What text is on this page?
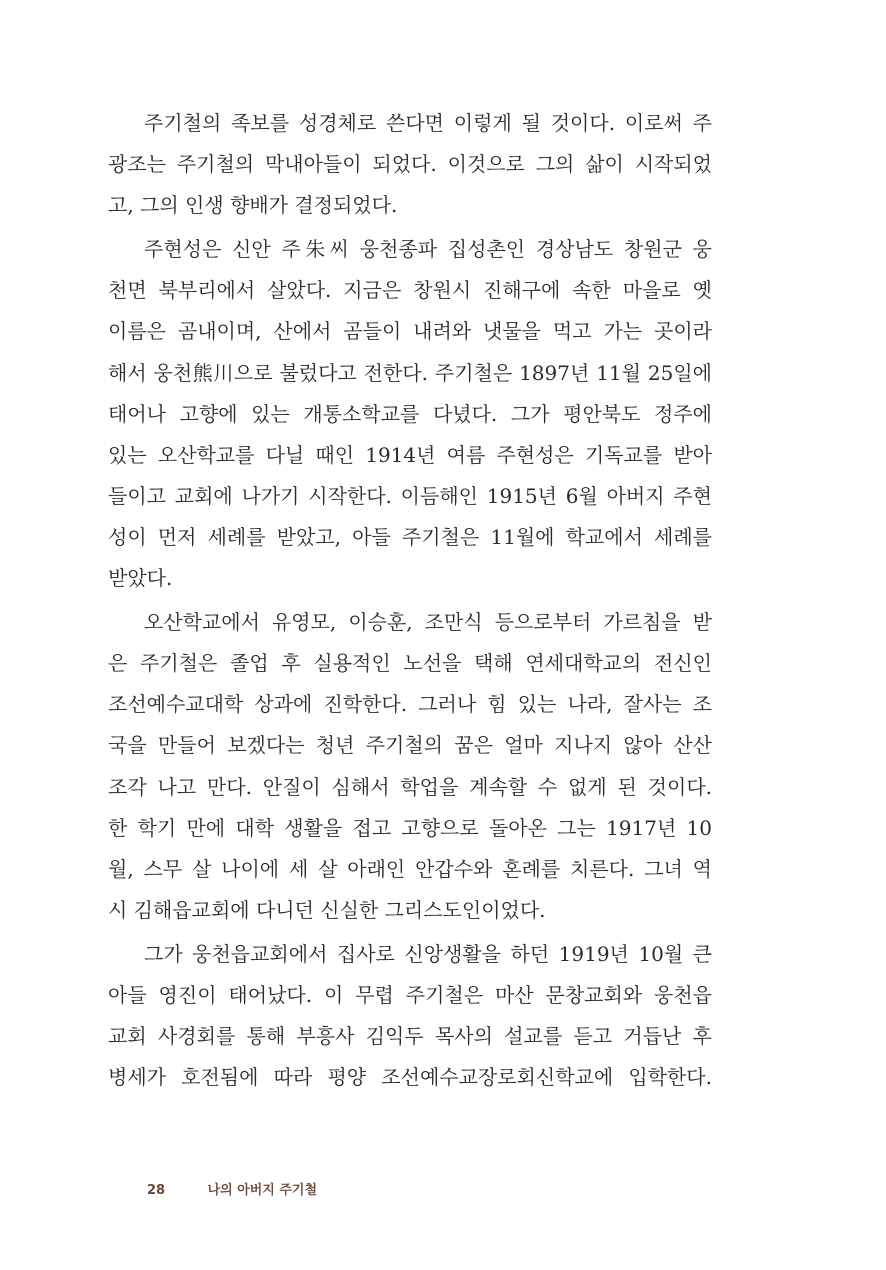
주기철의 족보를 성경체로 쓴다면 이렇게 될 것이다. 이로써 주
광조는 주기철의 막내아들이 되었다. 이것으로 그의 삶이 시작되었
고, 그의 인생 향배가 결정되었다.
주현성은 신안 주朱씨 웅천종파 집성촌인 경상남도 창원군 웅
천면 북부리에서 살았다. 지금은 창원시 진해구에 속한 마을로 옛
이름은 곰내이며, 산에서 곰들이 내려와 냇물을 먹고 가는 곳이라
해서 웅천熊川으로 불렀다고 전한다. 주기철은 1897년 11월 25일에
태어나 고향에 있는 개통소학교를 다녔다. 그가 평안북도 정주에
있는 오산학교를 다닐 때인 1914년 여름 주현성은 기독교를 받아
들이고 교회에 나가기 시작한다. 이듬해인 1915년 6월 아버지 주현
성이 먼저 세례를 받았고, 아들 주기철은 11월에 학교에서 세례를
받았다.
오산학교에서 유영모, 이승훈, 조만식 등으로부터 가르침을 받
은 주기철은 졸업 후 실용적인 노선을 택해 연세대학교의 전신인
조선예수교대학 상과에 진학한다. 그러나 힘 있는 나라, 잘사는 조
국을 만들어 보겠다는 청년 주기철의 꿈은 얼마 지나지 않아 산산
조각 나고 만다. 안질이 심해서 학업을 계속할 수 없게 된 것이다.
한 학기 만에 대학 생활을 접고 고향으로 돌아온 그는 1917년 10
월, 스무 살 나이에 세 살 아래인 안갑수와 혼례를 치른다. 그녀 역
시 김해읍교회에 다니던 신실한 그리스도인이었다.
그가 웅천읍교회에서 집사로 신앙생활을 하던 1919년 10월 큰
아들 영진이 태어났다. 이 무렵 주기철은 마산 문창교회와 웅천읍
교회 사경회를 통해 부흥사 김익두 목사의 설교를 듣고 거듭난 후
병세가 호전됨에 따라 평양 조선예수교장로회신학교에 입학한다.
28	나의 아버지 주기철
